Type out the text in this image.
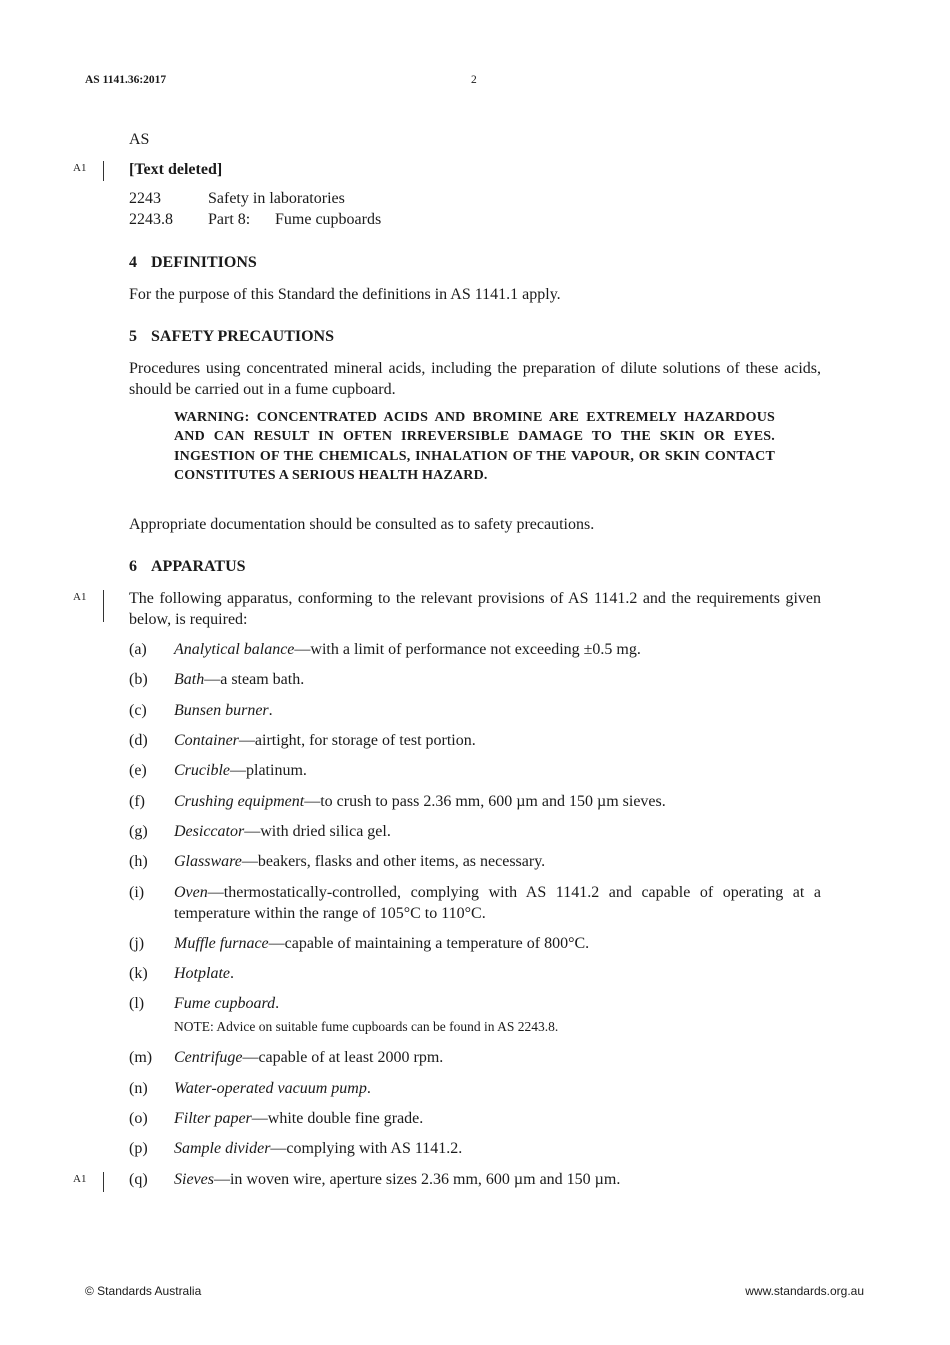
AS 1141.36:2017	2
AS
A1	[Text deleted]
2243	Safety in laboratories
2243.8 Part 8: Fume cupboards
4 DEFINITIONS
For the purpose of this Standard the definitions in AS 1141.1 apply.
5 SAFETY PRECAUTIONS
Procedures using concentrated mineral acids, including the preparation of dilute solutions of these acids, should be carried out in a fume cupboard.
WARNING: CONCENTRATED ACIDS AND BROMINE ARE EXTREMELY HAZARDOUS AND CAN RESULT IN OFTEN IRREVERSIBLE DAMAGE TO THE SKIN OR EYES. INGESTION OF THE CHEMICALS, INHALATION OF THE VAPOUR, OR SKIN CONTACT CONSTITUTES A SERIOUS HEALTH HAZARD.
Appropriate documentation should be consulted as to safety precautions.
6 APPARATUS
A1	The following apparatus, conforming to the relevant provisions of AS 1141.2 and the requirements given below, is required:
(a) Analytical balance—with a limit of performance not exceeding ±0.5 mg.
(b) Bath—a steam bath.
(c) Bunsen burner.
(d) Container—airtight, for storage of test portion.
(e) Crucible—platinum.
(f) Crushing equipment—to crush to pass 2.36 mm, 600 µm and 150 µm sieves.
(g) Desiccator—with dried silica gel.
(h) Glassware—beakers, flasks and other items, as necessary.
(i) Oven—thermostatically-controlled, complying with AS 1141.2 and capable of operating at a temperature within the range of 105°C to 110°C.
(j) Muffle furnace—capable of maintaining a temperature of 800°C.
(k) Hotplate.
(l) Fume cupboard.
NOTE: Advice on suitable fume cupboards can be found in AS 2243.8.
(m) Centrifuge—capable of at least 2000 rpm.
(n) Water-operated vacuum pump.
(o) Filter paper—white double fine grade.
(p) Sample divider—complying with AS 1141.2.
A1	(q) Sieves—in woven wire, aperture sizes 2.36 mm, 600 µm and 150 µm.
© Standards Australia	www.standards.org.au
